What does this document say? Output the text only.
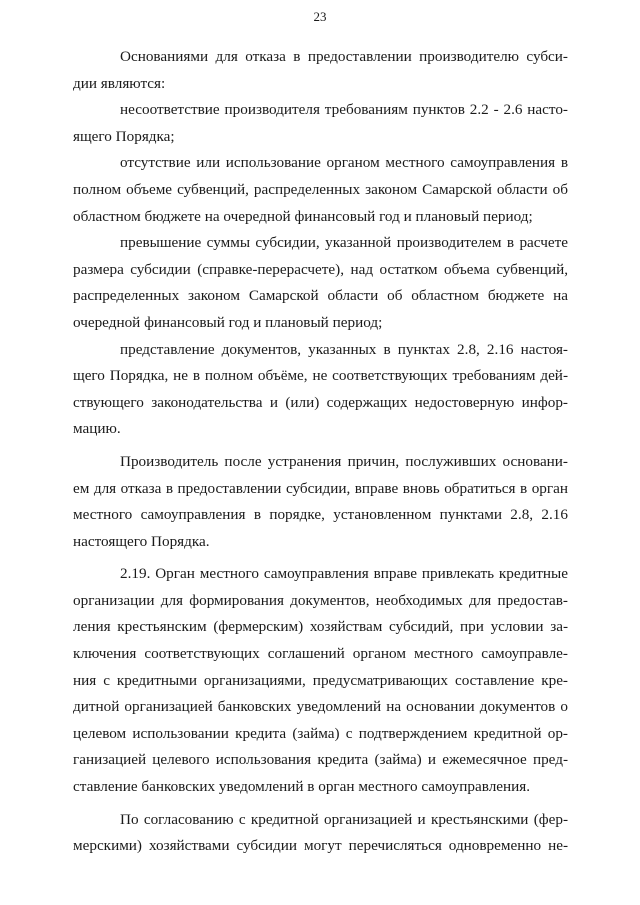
23
Основаниями для отказа в предоставлении производителю субси-
дии являются:
несоответствие производителя требованиям пунктов 2.2 - 2.6 насто-
ящего Порядка;
отсутствие или использование органом местного самоуправления в
полном объеме субвенций, распределенных законом Самарской области об
областном бюджете на очередной финансовый год и плановый период;
превышение суммы субсидии, указанной производителем в расчете
размера субсидии (справке-перерасчете), над остатком объема субвенций,
распределенных законом Самарской области об областном бюджете на
очередной финансовый год и плановый период;
представление документов, указанных в пунктах 2.8, 2.16 настоя-
щего Порядка, не в полном объёме, не соответствующих требованиям дей-
ствующего законодательства и (или) содержащих недостоверную инфор-
мацию.
Производитель после устранения причин, послуживших основани-
ем для отказа в предоставлении субсидии, вправе вновь обратиться в орган
местного самоуправления в порядке, установленном пунктами 2.8, 2.16
настоящего Порядка.
2.19. Орган местного самоуправления вправе привлекать кредитные
организации для формирования документов, необходимых для предостав-
ления крестьянским (фермерским) хозяйствам субсидий, при условии за-
ключения соответствующих соглашений органом местного самоуправле-
ния с кредитными организациями, предусматривающих составление кре-
дитной организацией банковских уведомлений на основании документов о
целевом использовании кредита (займа) с подтверждением кредитной ор-
ганизацией целевого использования кредита (займа) и ежемесячное пред-
ставление банковских уведомлений в орган местного самоуправления.
По согласованию с кредитной организацией и крестьянскими (фер-
мерскими) хозяйствами субсидии могут перечисляться одновременно не-
